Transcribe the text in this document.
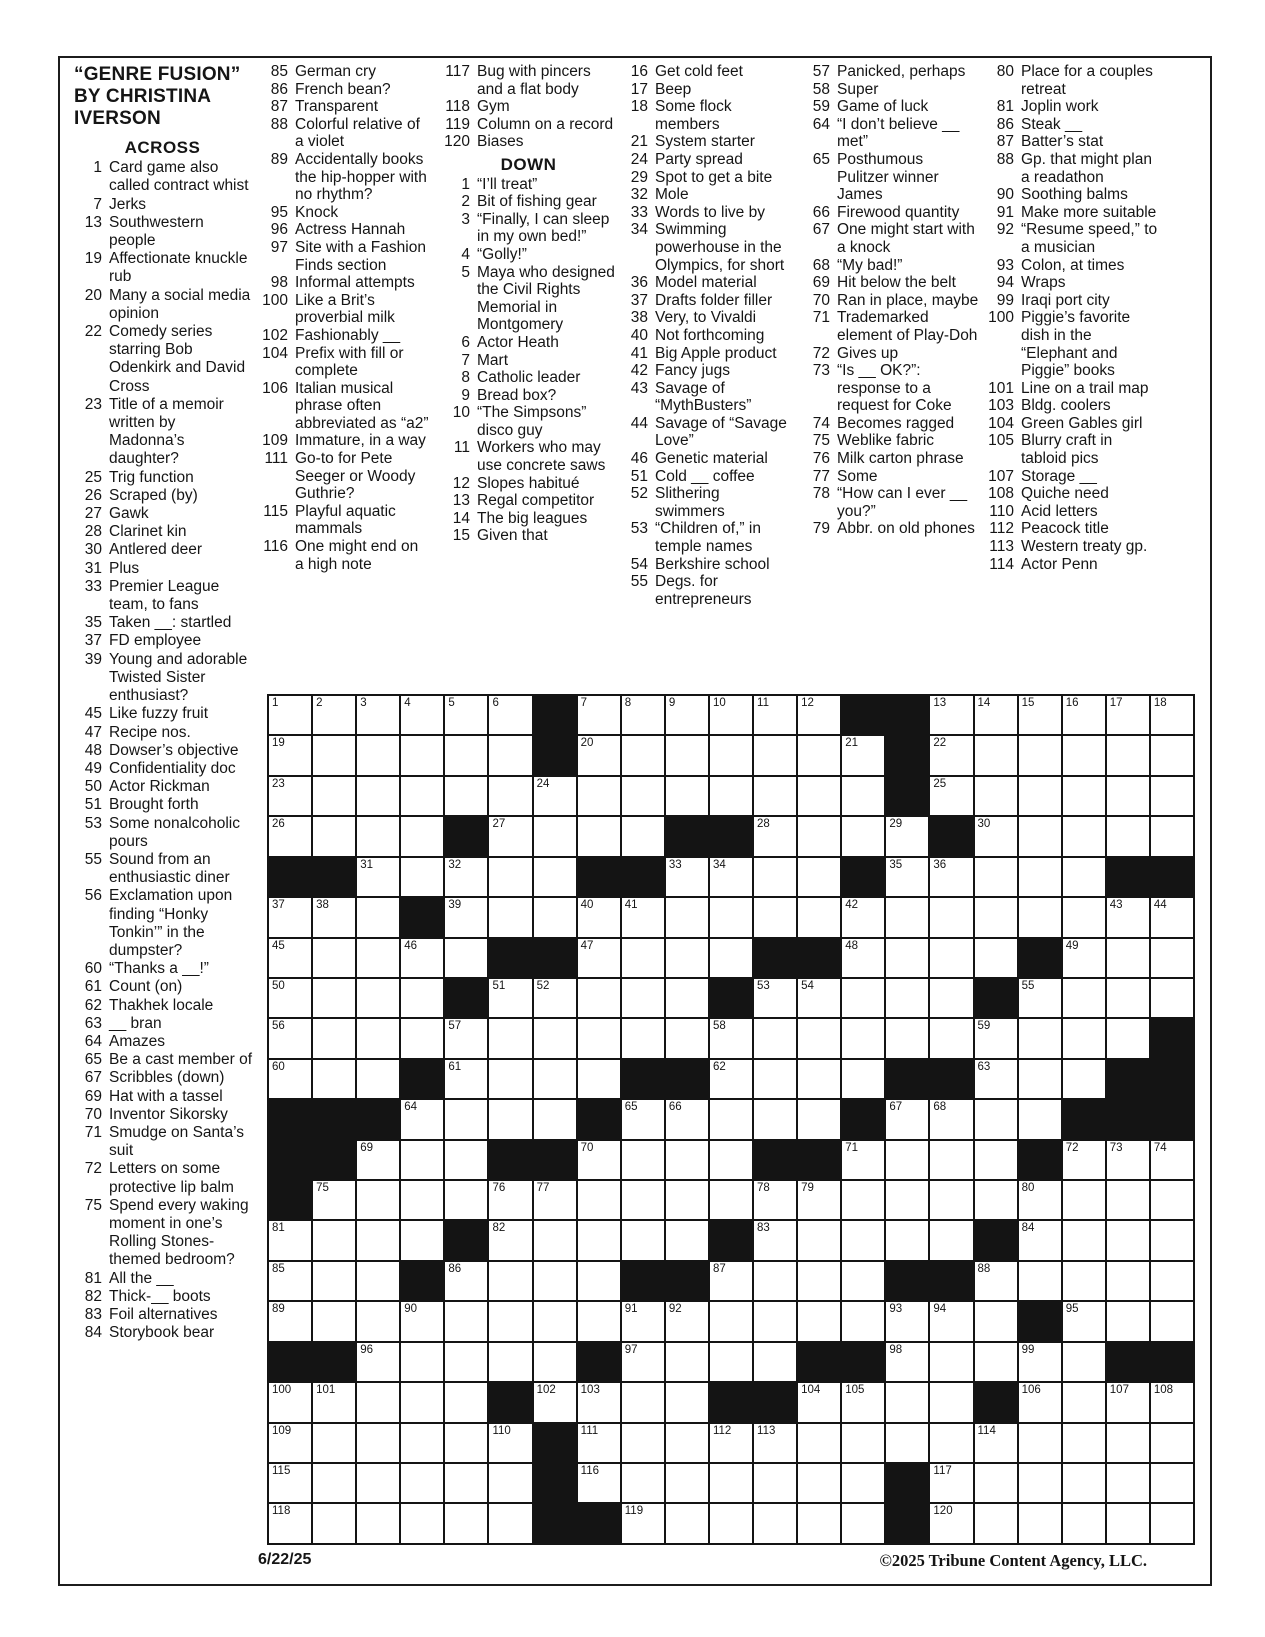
“GENRE FUSION”
BY CHRISTINA
IVERSON
ACROSS
1 Card game also called contract whist
7 Jerks
13 Southwestern people
19 Affectionate knuckle rub
20 Many a social media opinion
22 Comedy series starring Bob Odenkirk and David Cross
23 Title of a memoir written by Madonna’s daughter?
25 Trig function
26 Scraped (by)
27 Gawk
28 Clarinet kin
30 Antlered deer
31 Plus
33 Premier League team, to fans
35 Taken __: startled
37 FD employee
39 Young and adorable Twisted Sister enthusiast?
45 Like fuzzy fruit
47 Recipe nos.
48 Dowser’s objective
49 Confidentiality doc
50 Actor Rickman
51 Brought forth
53 Some nonalcoholic pours
55 Sound from an enthusiastic diner
56 Exclamation upon finding “Honky Tonkin’” in the dumpster?
60 “Thanks a __!”
61 Count (on)
62 Thakhek locale
63 __ bran
64 Amazes
65 Be a cast member of
67 Scribbles (down)
69 Hat with a tassel
70 Inventor Sikorsky
71 Smudge on Santa’s suit
72 Letters on some protective lip balm
75 Spend every waking moment in one’s Rolling Stones-themed bedroom?
81 All the __
82 Thick-__ boots
83 Foil alternatives
84 Storybook bear
85 German cry
86 French bean?
87 Transparent
88 Colorful relative of a violet
89 Accidentally books the hip-hopper with no rhythm?
95 Knock
96 Actress Hannah
97 Site with a Fashion Finds section
98 Informal attempts
100 Like a Brit’s proverbial milk
102 Fashionably __
104 Prefix with fill or complete
106 Italian musical phrase often abbreviated as “a2”
109 Immature, in a way
111 Go-to for Pete Seeger or Woody Guthrie?
115 Playful aquatic mammals
116 One might end on a high note
117 Bug with pincers and a flat body
118 Gym
119 Column on a record
120 Biases
DOWN
1 “I’ll treat”
2 Bit of fishing gear
3 “Finally, I can sleep in my own bed!”
4 “Golly!”
5 Maya who designed the Civil Rights Memorial in Montgomery
6 Actor Heath
7 Mart
8 Catholic leader
9 Bread box?
10 “The Simpsons” disco guy
11 Workers who may use concrete saws
12 Slopes habitué
13 Regal competitor
14 The big leagues
15 Given that
16 Get cold feet
17 Beep
18 Some flock members
21 System starter
24 Party spread
29 Spot to get a bite
32 Mole
33 Words to live by
34 Swimming powerhouse in the Olympics, for short
36 Model material
37 Drafts folder filler
38 Very, to Vivaldi
40 Not forthcoming
41 Big Apple product
42 Fancy jugs
43 Savage of “MythBusters”
44 Savage of “Savage Love”
46 Genetic material
51 Cold __ coffee
52 Slithering swimmers
53 “Children of,” in temple names
54 Berkshire school
55 Degs. for entrepreneurs
57 Panicked, perhaps
58 Super
59 Game of luck
64 “I don’t believe __ met”
65 Posthumous Pulitzer winner James
66 Firewood quantity
67 One might start with a knock
68 “My bad!”
69 Hit below the belt
70 Ran in place, maybe
71 Trademarked element of Play-Doh
72 Gives up
73 “Is __ OK?”: response to a request for Coke
74 Becomes ragged
75 Weblike fabric
76 Milk carton phrase
77 Some
78 “How can I ever __ you?”
79 Abbr. on old phones
80 Place for a couples retreat
81 Joplin work
86 Steak __
87 Batter’s stat
88 Gp. that might plan a readathon
90 Soothing balms
91 Make more suitable
92 “Resume speed,” to a musician
93 Colon, at times
94 Wraps
99 Iraqi port city
100 Piggie’s favorite dish in the “Elephant and Piggie” books
101 Line on a trail map
103 Bldg. coolers
104 Green Gables girl
105 Blurry craft in tabloid pics
107 Storage __
108 Quiche need
110 Acid letters
112 Peacock title
113 Western treaty gp.
114 Actor Penn
1	2	3	4	5	6	7	8	9	10	11	12	13	14	15	16	17	18
19	20	21	22
23	24	25
26	27	28	29	30
31	32	33	34	35	36
37	38	39	40	41	42	43	44
45	46	47	48	49
50	51	52	53	54	55
56	57	58	59
60	61	62	63
64	65	66	67	68
69	70	71	72	73	74
75	76	77	78	79	80
81	82	83	84
85	86	87	88
89	90	91	92	93	94	95
96	97	98	99
100 101	102 103	104 105	106	107 108
109	110	111	112 113	114
115	116	117
118	119	120
6/22/25	©2025 Tribune Content Agency, LLC.
